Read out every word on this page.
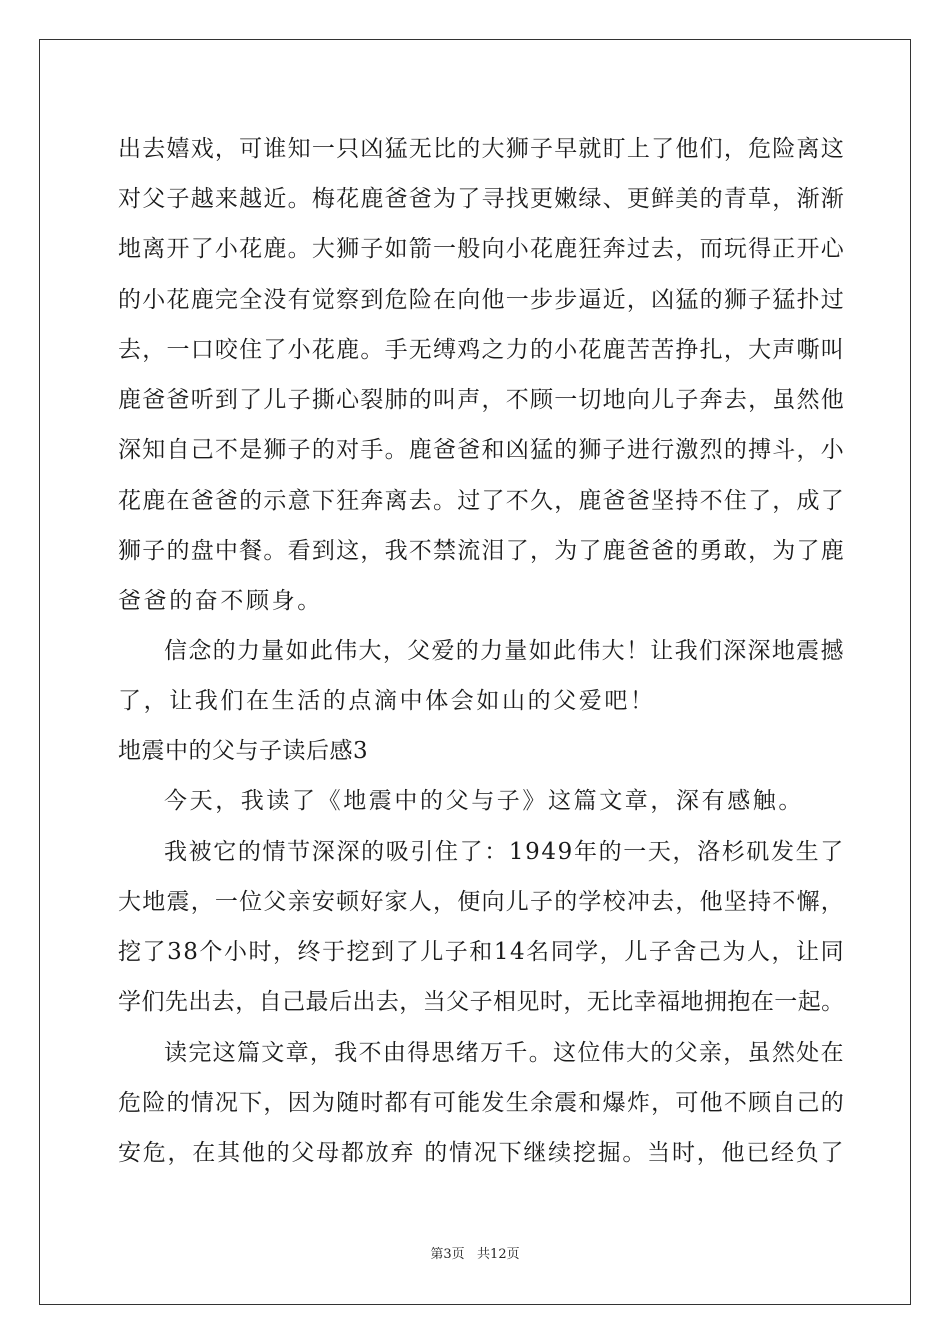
出去嬉戏，可谁知一只凶猛无比的大狮子早就盯上了他们，危险离这
对父子越来越近。梅花鹿爸爸为了寻找更嫩绿、更鲜美的青草，渐渐
地离开了小花鹿。大狮子如箭一般向小花鹿狂奔过去，而玩得正开心
的小花鹿完全没有觉察到危险在向他一步步逼近，凶猛的狮子猛扑过
去，一口咬住了小花鹿。手无缚鸡之力的小花鹿苦苦挣扎，大声嘶叫
鹿爸爸听到了儿子撕心裂肺的叫声，不顾一切地向儿子奔去，虽然他
深知自己不是狮子的对手。鹿爸爸和凶猛的狮子进行激烈的搏斗，小
花鹿在爸爸的示意下狂奔离去。过了不久，鹿爸爸坚持不住了，成了
狮子的盘中餐。看到这，我不禁流泪了，为了鹿爸爸的勇敢，为了鹿
爸爸的奋不顾身。
信念的力量如此伟大，父爱的力量如此伟大！让我们深深地震撼
了，让我们在生活的点滴中体会如山的父爱吧！
地震中的父与子读后感3
今天，我读了《地震中的父与子》这篇文章，深有感触。
我被它的情节深深的吸引住了：1949年的一天，洛杉矶发生了
大地震，一位父亲安顿好家人，便向儿子的学校冲去，他坚持不懈，
挖了38个小时，终于挖到了儿子和14名同学，儿子舍己为人，让同
学们先出去，自己最后出去，当父子相见时，无比幸福地拥抱在一起。
读完这篇文章，我不由得思绪万千。这位伟大的父亲，虽然处在
危险的情况下，因为随时都有可能发生余震和爆炸，可他不顾自己的
安危，在其他的父母都放弃 的情况下继续挖掘。当时，他已经负了
第3页   共12页
